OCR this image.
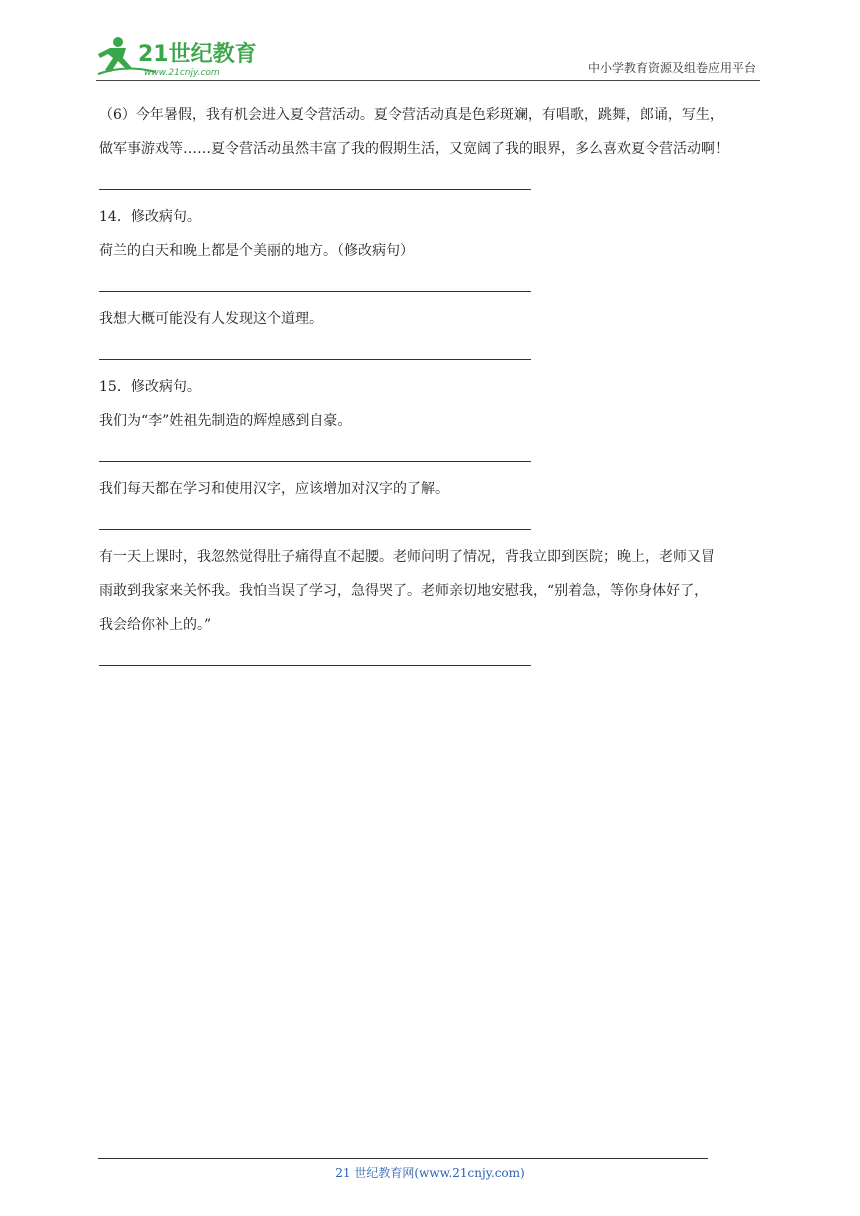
21世纪教育
www.21cnjy.com	中小学教育资源及组卷应用平台

（6）今年暑假，我有机会进入夏令营活动。夏令营活动真是色彩斑斓，有唱歌，跳舞，郎诵，写生，

做军事游戏等……夏令营活动虽然丰富了我的假期生活，又宽阔了我的眼界，多么喜欢夏令营活动啊！

14．修改病句。

荷兰的白天和晚上都是个美丽的地方。（修改病句）

我想大概可能没有人发现这个道理。

15．修改病句。

我们为“李”姓祖先制造的辉煌感到自豪。

我们每天都在学习和使用汉字，应该增加对汉字的了解。

有一天上课时，我忽然觉得肚子痛得直不起腰。老师问明了情况，背我立即到医院；晚上，老师又冒

雨敢到我家来关怀我。我怕当误了学习，急得哭了。老师亲切地安慰我，“别着急，等你身体好了，

我会给你补上的。”

21 世纪教育网(www.21cnjy.com)
